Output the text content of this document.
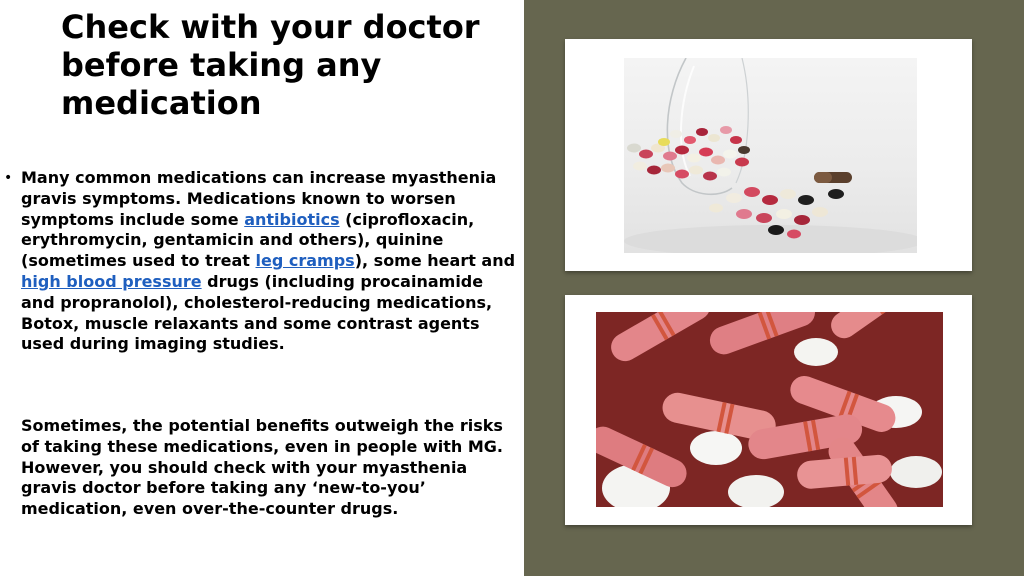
Check with your doctor before taking any medication
• Many common medications can increase myasthenia gravis symptoms. Medications known to worsen symptoms include some antibiotics (ciprofloxacin, erythromycin, gentamicin and others), quinine (sometimes used to treat leg cramps), some heart and high blood pressure drugs (including procainamide and propranolol), cholesterol-reducing medications, Botox, muscle relaxants and some contrast agents used during imaging studies.

Sometimes, the potential benefits outweigh the risks of taking these medications, even in people with MG. However, you should check with your myasthenia gravis doctor before taking any ‘new-to-you’ medication, even over-the-counter drugs.
